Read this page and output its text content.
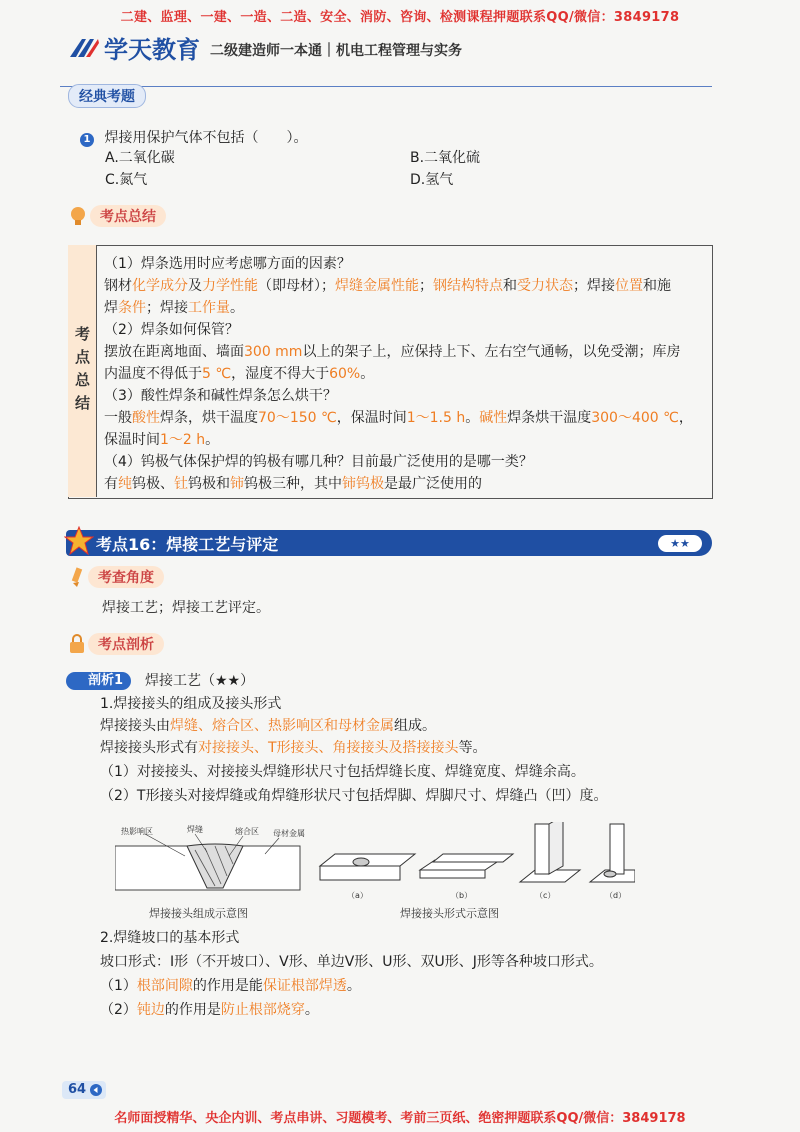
二建、监理、一建、一造、二造、安全、消防、咨询、检测课程押题联系QQ/微信：3849178
学天教育 二级建造师一本通｜机电工程管理与实务
经典考题
1 焊接用保护气体不包括（　　）。
A.二氧化碳	B.二氧化硫
C.氮气	D.氢气
考点总结
考
点
总
结
（1）焊条选用时应考虑哪方面的因素？
钢材化学成分及力学性能（即母材）；焊缝金属性能；钢结构特点和受力状态；焊接位置和施
焊条件；焊接工作量。
（2）焊条如何保管？
摆放在距离地面、墙面300 mm以上的架子上，应保持上下、左右空气通畅，以免受潮；库房
内温度不得低于5 ℃，湿度不得大于60%。
（3）酸性焊条和碱性焊条怎么烘干？
一般酸性焊条，烘干温度70～150 ℃，保温时间1～1.5 h。碱性焊条烘干温度300～400 ℃，
保温时间1～2 h。
（4）钨极气体保护焊的钨极有哪几种？目前最广泛使用的是哪一类？
有纯钨极、钍钨极和铈钨极三种，其中铈钨极是最广泛使用的
考点16：焊接工艺与评定	★★
考查角度
焊接工艺；焊接工艺评定。
考点剖析
剖析1	焊接工艺（★★）
1.焊接接头的组成及接头形式
焊接接头由焊缝、熔合区、热影响区和母材金属组成。
焊接接头形式有对接接头、T形接头、角接接头及搭接接头等。
（1）对接接头、对接接头焊缝形状尺寸包括焊缝长度、焊缝宽度、焊缝余高。
（2）T形接头对接焊缝或角焊缝形状尺寸包括焊脚、焊脚尺寸、焊缝凸（凹）度。
热影响区	焊缝	熔合区 母材金属
焊接接头组成示意图
（a）	（b）	（c）	（d）
焊接接头形式示意图
2.焊缝坡口的基本形式
坡口形式：I形（不开坡口）、V形、单边V形、U形、双U形、J形等各种坡口形式。
（1）根部间隙的作用是能保证根部焊透。
（2）钝边的作用是防止根部烧穿。
64
名师面授精华、央企内训、考点串讲、习题模考、考前三页纸、绝密押题联系QQ/微信：3849178
